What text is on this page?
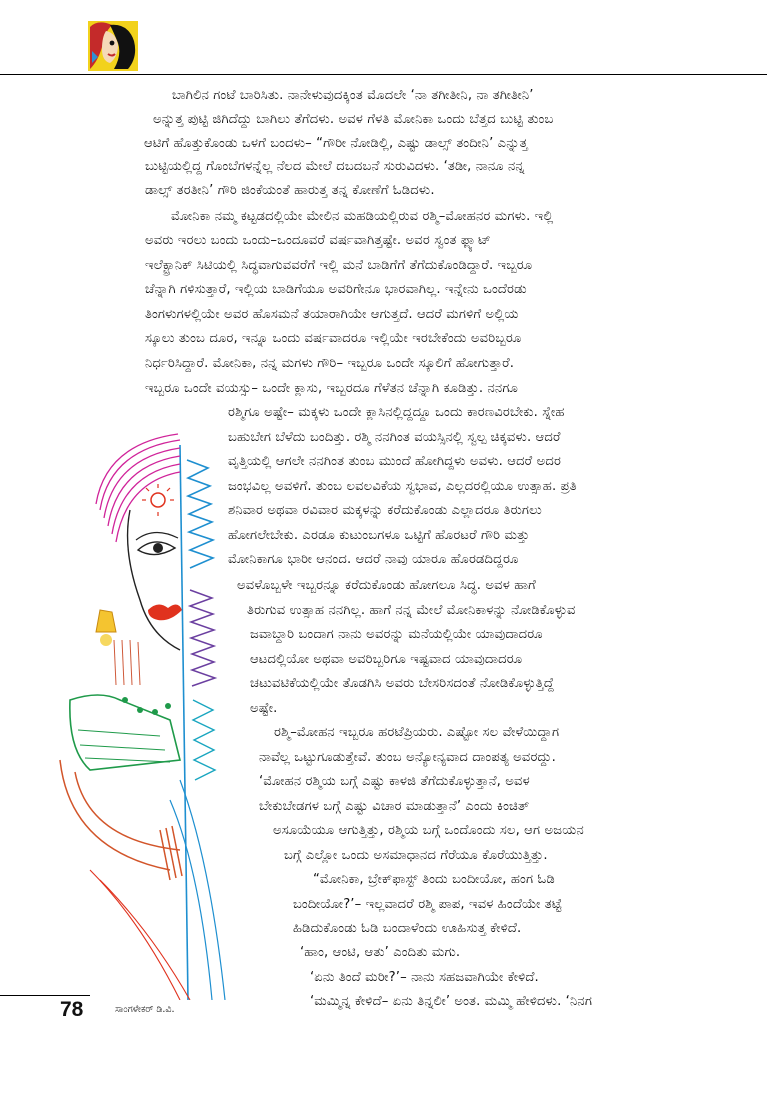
ಬಾಗಿಲಿನ ಗಂಟೆ ಬಾರಿಸಿತು. ನಾನೇಳುವುದಕ್ಕಿಂತ ಮೊದಲೇ ‘ನಾ ತಗೀತೀನಿ, ನಾ ತಗೀತೀನಿ’
ಅನ್ನುತ್ತ ಪುಟ್ಟಿ ಜಿಗಿದೆದ್ದು ಬಾಗಿಲು ತೆಗೆದಳು. ಅವಳ ಗೆಳತಿ ಮೋನಿಕಾ ಒಂದು ಬೆತ್ತದ ಬುಟ್ಟಿ ತುಂಬ
ಆಟಿಗೆ ಹೊತ್ತುಕೊಂಡು ಒಳಗೆ ಬಂದಳು– “ಗೌರೀ ನೋಡಿಲ್ಲಿ, ಎಷ್ಟು ಡಾಲ್ಸ್ ತಂದೀನಿ’ ಎನ್ನುತ್ತ
ಬುಟ್ಟಿಯಲ್ಲಿದ್ದ ಗೊಂಬೆಗಳನ್ನೆಲ್ಲ ನೆಲದ ಮೇಲೆ ದಬದಬನೆ ಸುರುವಿದಳು. ‘ತಡೀ, ನಾನೂ ನನ್ನ
ಡಾಲ್ಸ್ ತರತೀನಿ’ ಗೌರಿ ಜಿಂಕೆಯಂತೆ ಹಾರುತ್ತ ತನ್ನ ಕೋಣೆಗೆ ಓಡಿದಳು.
ಮೋನಿಕಾ ನಮ್ಮ ಕಟ್ಟಡದಲ್ಲಿಯೇ ಮೇಲಿನ ಮಹಡಿಯಲ್ಲಿರುವ ರಶ್ಮಿ–ಮೋಹನರ ಮಗಳು. ಇಲ್ಲಿ
ಅವರು ಇರಲು ಬಂದು ಒಂದು–ಒಂದೂವರೆ ವರ್ಷವಾಗಿತ್ತಷ್ಟೇ. ಅವರ ಸ್ವಂತ ಫ್ಲ್ಯಾಟ್
ಇಲೆಕ್ಟ್ರಾನಿಕ್ ಸಿಟಿಯಲ್ಲಿ ಸಿದ್ಧವಾಗುವವರೆಗೆ ಇಲ್ಲಿ ಮನೆ ಬಾಡಿಗೆಗೆ ತೆಗೆದುಕೊಂಡಿದ್ದಾರೆ. ಇಬ್ಬರೂ
ಚೆನ್ನಾಗಿ ಗಳಿಸುತ್ತಾರೆ, ಇಲ್ಲಿಯ ಬಾಡಿಗೆಯೂ ಅವರಿಗೇನೂ ಭಾರವಾಗಿಲ್ಲ. ಇನ್ನೇನು ಒಂದೆರಡು
ತಿಂಗಳುಗಳಲ್ಲಿಯೇ ಅವರ ಹೊಸಮನೆ ತಯಾರಾಗಿಯೇ ಆಗುತ್ತದೆ. ಆದರೆ ಮಗಳಿಗೆ ಅಲ್ಲಿಯ
ಸ್ಕೂಲು ತುಂಬ ದೂರ, ಇನ್ನೂ ಒಂದು ವರ್ಷವಾದರೂ ಇಲ್ಲಿಯೇ ಇರಬೇಕೆಂದು ಅವರಿಬ್ಬರೂ
ನಿರ್ಧರಿಸಿದ್ದಾರೆ. ಮೋನಿಕಾ, ನನ್ನ ಮಗಳು ಗೌರಿ– ಇಬ್ಬರೂ ಒಂದೇ ಸ್ಕೂಲಿಗೆ ಹೋಗುತ್ತಾರೆ.
ಇಬ್ಬರೂ ಒಂದೇ ವಯಸ್ಸು– ಒಂದೇ ಕ್ಲಾಸು, ಇಬ್ಬರದೂ ಗೆಳೆತನ ಚೆನ್ನಾಗಿ ಕೂಡಿತ್ತು. ನನಗೂ
ರಶ್ಮಿಗೂ ಅಷ್ಟೇ– ಮಕ್ಕಳು ಒಂದೇ ಕ್ಲಾಸಿನಲ್ಲಿದ್ದದ್ದೂ ಒಂದು ಕಾರಣವಿರಬೇಕು. ಸ್ನೇಹ
ಬಹುಬೇಗ ಬೆಳೆದು ಬಂದಿತ್ತು. ರಶ್ಮಿ ನನಗಿಂತ ವಯಸ್ಸಿನಲ್ಲಿ ಸ್ವಲ್ಪ ಚಿಕ್ಕವಳು. ಆದರೆ
ವೃತ್ತಿಯಲ್ಲಿ ಆಗಲೇ ನನಗಿಂತ ತುಂಬ ಮುಂದೆ ಹೋಗಿದ್ದಳು ಅವಳು. ಆದರೆ ಅದರ
ಜಂಭವಿಲ್ಲ ಅವಳಿಗೆ. ತುಂಬ ಲವಲವಿಕೆಯ ಸ್ವಭಾವ, ಎಲ್ಲದರಲ್ಲಿಯೂ ಉತ್ಸಾಹ. ಪ್ರತಿ
ಶನಿವಾರ ಅಥವಾ ರವಿವಾರ ಮಕ್ಕಳನ್ನು ಕರೆದುಕೊಂಡು ಎಲ್ಲಾದರೂ ತಿರುಗಲು
ಹೋಗಲೇಬೇಕು. ಎರಡೂ ಕುಟುಂಬಗಳೂ ಒಟ್ಟಿಗೆ ಹೊರಟರೆ ಗೌರಿ ಮತ್ತು
ಮೋನಿಕಾಗೂ ಭಾರೀ ಆನಂದ. ಆದರೆ ನಾವು ಯಾರೂ ಹೊರಡದಿದ್ದರೂ
ಅವಳೊಬ್ಬಳೇ ಇಬ್ಬರನ್ನೂ ಕರೆದುಕೊಂಡು ಹೋಗಲೂ ಸಿದ್ಧ. ಅವಳ ಹಾಗೆ
ತಿರುಗುವ ಉತ್ಸಾಹ ನನಗಿಲ್ಲ. ಹಾಗೆ ನನ್ನ ಮೇಲೆ ಮೋನಿಕಾಳನ್ನು ನೋಡಿಕೊಳ್ಳುವ
ಜವಾಬ್ದಾರಿ ಬಂದಾಗ ನಾನು ಅವರನ್ನು ಮನೆಯಲ್ಲಿಯೇ ಯಾವುದಾದರೂ
ಆಟದಲ್ಲಿಯೋ ಅಥವಾ ಅವರಿಬ್ಬರಿಗೂ ಇಷ್ಟವಾದ ಯಾವುದಾದರೂ
ಚಟುವಟಿಕೆಯಲ್ಲಿಯೇ ತೊಡಗಿಸಿ ಅವರು ಬೇಸರಿಸದಂತೆ ನೋಡಿಕೊಳ್ಳುತ್ತಿದ್ದೆ
ಅಷ್ಟೇ.
ರಶ್ಮಿ–ಮೋಹನ ಇಬ್ಬರೂ ಹರಟೆಪ್ರಿಯರು. ಎಷ್ಟೋ ಸಲ ವೇಳೆಯಿದ್ದಾಗ
ನಾವೆಲ್ಲ ಒಟ್ಟುಗೂಡುತ್ತೇವೆ. ತುಂಬ ಅನ್ಯೋನ್ಯವಾದ ದಾಂಪತ್ಯ ಅವರದ್ದು.
‘ಮೋಹನ ರಶ್ಮಿಯ ಬಗ್ಗೆ ಎಷ್ಟು ಕಾಳಜಿ ತೆಗೆದುಕೊಳ್ಳುತ್ತಾನೆ, ಅವಳ
ಬೇಕುಬೇಡಗಳ ಬಗ್ಗೆ ಎಷ್ಟು ವಿಚಾರ ಮಾಡುತ್ತಾನೆ’ ಎಂದು ಕಿಂಚಿತ್
ಅಸೂಯೆಯೂ ಆಗುತ್ತಿತ್ತು, ರಶ್ಮಿಯ ಬಗ್ಗೆ ಒಂದೊಂದು ಸಲ, ಆಗ ಅಜಯನ
ಬಗ್ಗೆ ಎಲ್ಲೋ ಒಂದು ಅಸಮಾಧಾನದ ಗೆರೆಯೂ ಕೊರೆಯುತ್ತಿತ್ತು.
“ಮೋನಿಕಾ, ಬ್ರೇಕ್‌ಫಾಸ್ಟ್ ತಿಂದು ಬಂದೀಯೋ, ಹಂಗ ಓಡಿ
ಬಂದೀಯೋ?’– ಇಲ್ಲವಾದರೆ ರಶ್ಮಿ ಪಾಪ, ಇವಳ ಹಿಂದೆಯೇ ತಟ್ಟೆ
ಹಿಡಿದುಕೊಂಡು ಓಡಿ ಬಂದಾಳೆಂದು ಊಹಿಸುತ್ತ ಕೇಳಿದೆ.
‘ಹಾಂ, ಆಂಟಿ, ಆತು’ ಎಂದಿತು ಮಗು.
‘ಏನು ತಿಂದೆ ಮರೀ?’– ನಾನು ಸಹಜವಾಗಿಯೇ ಕೇಳಿದೆ.
‘ಮಮ್ಮಿನ್ನ ಕೇಳಿದೆ– ಏನು ತಿನ್ನಲೀ’ ಅಂತ. ಮಮ್ಮಿ ಹೇಳಿದಳು. ‘ನಿನಗ
78	ಸಾಂಗಳೇಕರ್ ಡಿ.ವಿ.
